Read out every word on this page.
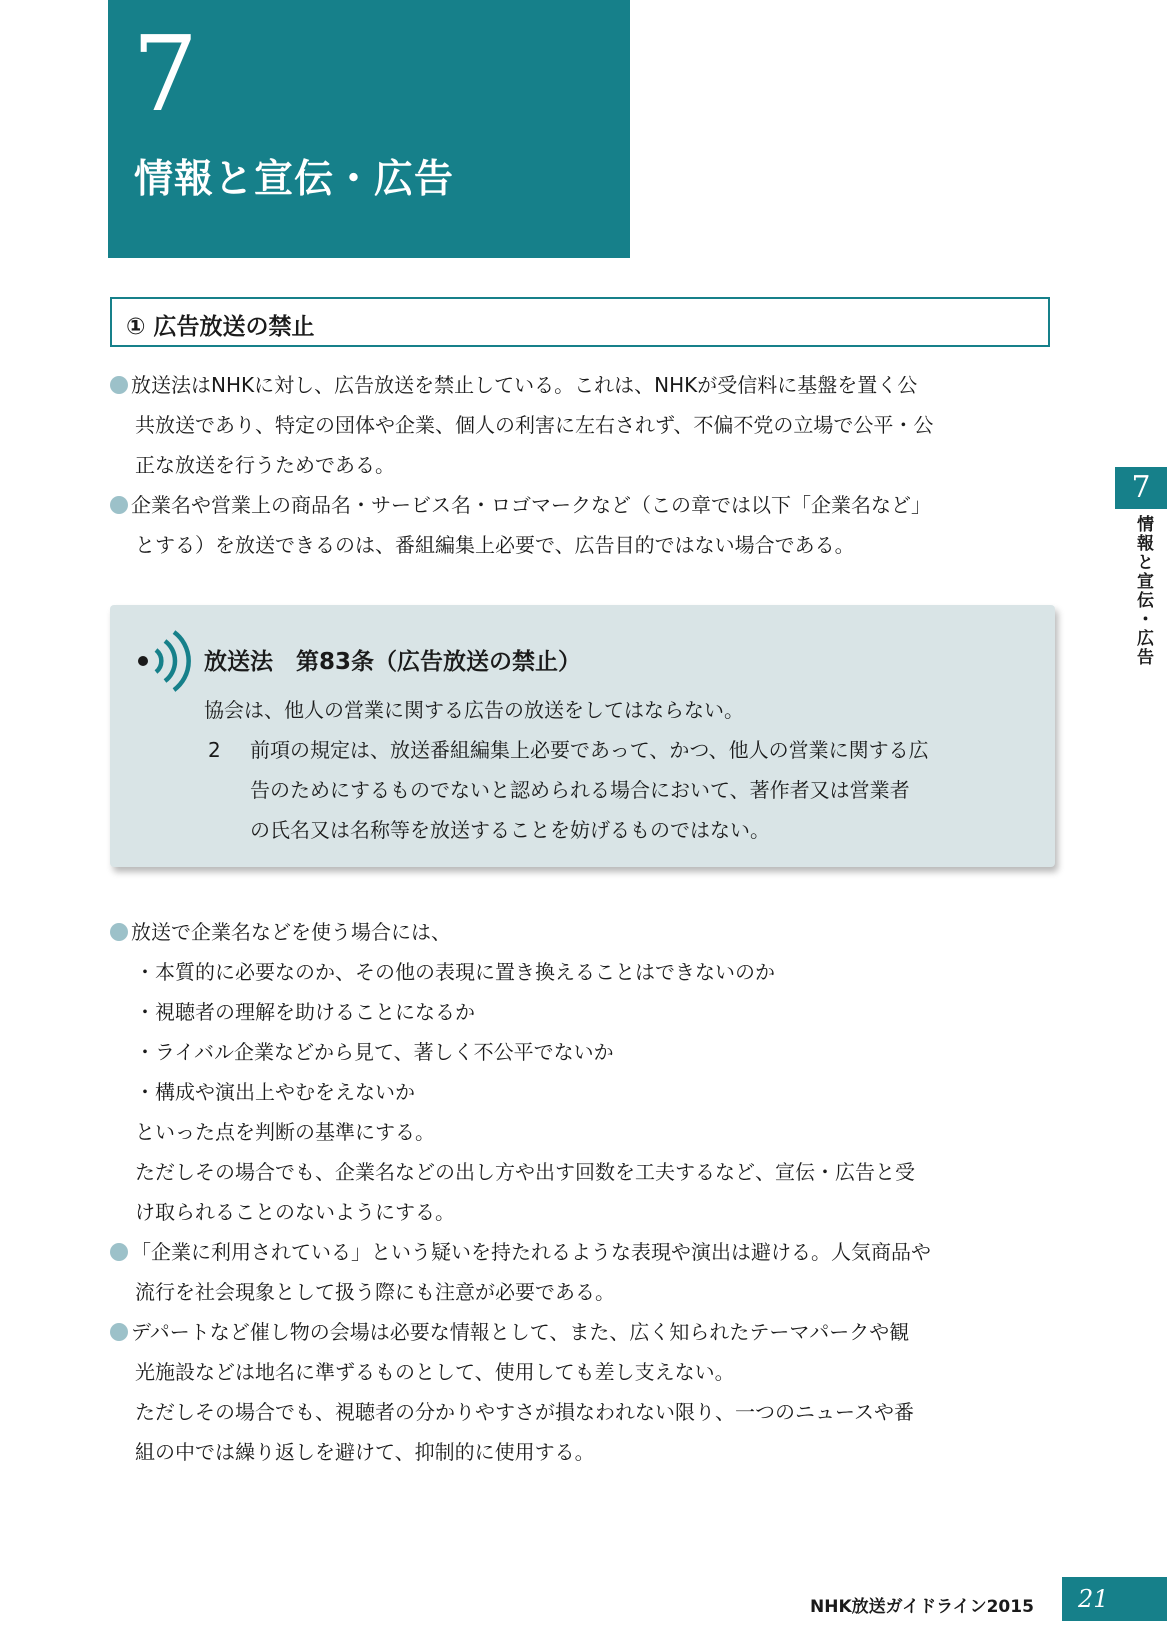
7
情報と宣伝・広告
① 広告放送の禁止
放送法はNHKに対し、広告放送を禁止している。これは、NHKが受信料に基盤を置く公
共放送であり、特定の団体や企業、個人の利害に左右されず、不偏不党の立場で公平・公
正な放送を行うためである。
企業名や営業上の商品名・サービス名・ロゴマークなど（この章では以下「企業名など」
とする）を放送できるのは、番組編集上必要で、広告目的ではない場合である。
放送法　第83条（広告放送の禁止）
協会は、他人の営業に関する広告の放送をしてはならない。
2	前項の規定は、放送番組編集上必要であって、かつ、他人の営業に関する広
告のためにするものでないと認められる場合において、著作者又は営業者
の氏名又は名称等を放送することを妨げるものではない。
放送で企業名などを使う場合には、
・本質的に必要なのか、その他の表現に置き換えることはできないのか
・視聴者の理解を助けることになるか
・ライバル企業などから見て、著しく不公平でないか
・構成や演出上やむをえないか
といった点を判断の基準にする。
ただしその場合でも、企業名などの出し方や出す回数を工夫するなど、宣伝・広告と受
け取られることのないようにする。
「企業に利用されている」という疑いを持たれるような表現や演出は避ける。人気商品や
流行を社会現象として扱う際にも注意が必要である。
デパートなど催し物の会場は必要な情報として、また、広く知られたテーマパークや観
光施設などは地名に準ずるものとして、使用しても差し支えない。
ただしその場合でも、視聴者の分かりやすさが損なわれない限り、一つのニュースや番
組の中では繰り返しを避けて、抑制的に使用する。
7
情報と宣伝・広告
NHK放送ガイドライン2015	21
